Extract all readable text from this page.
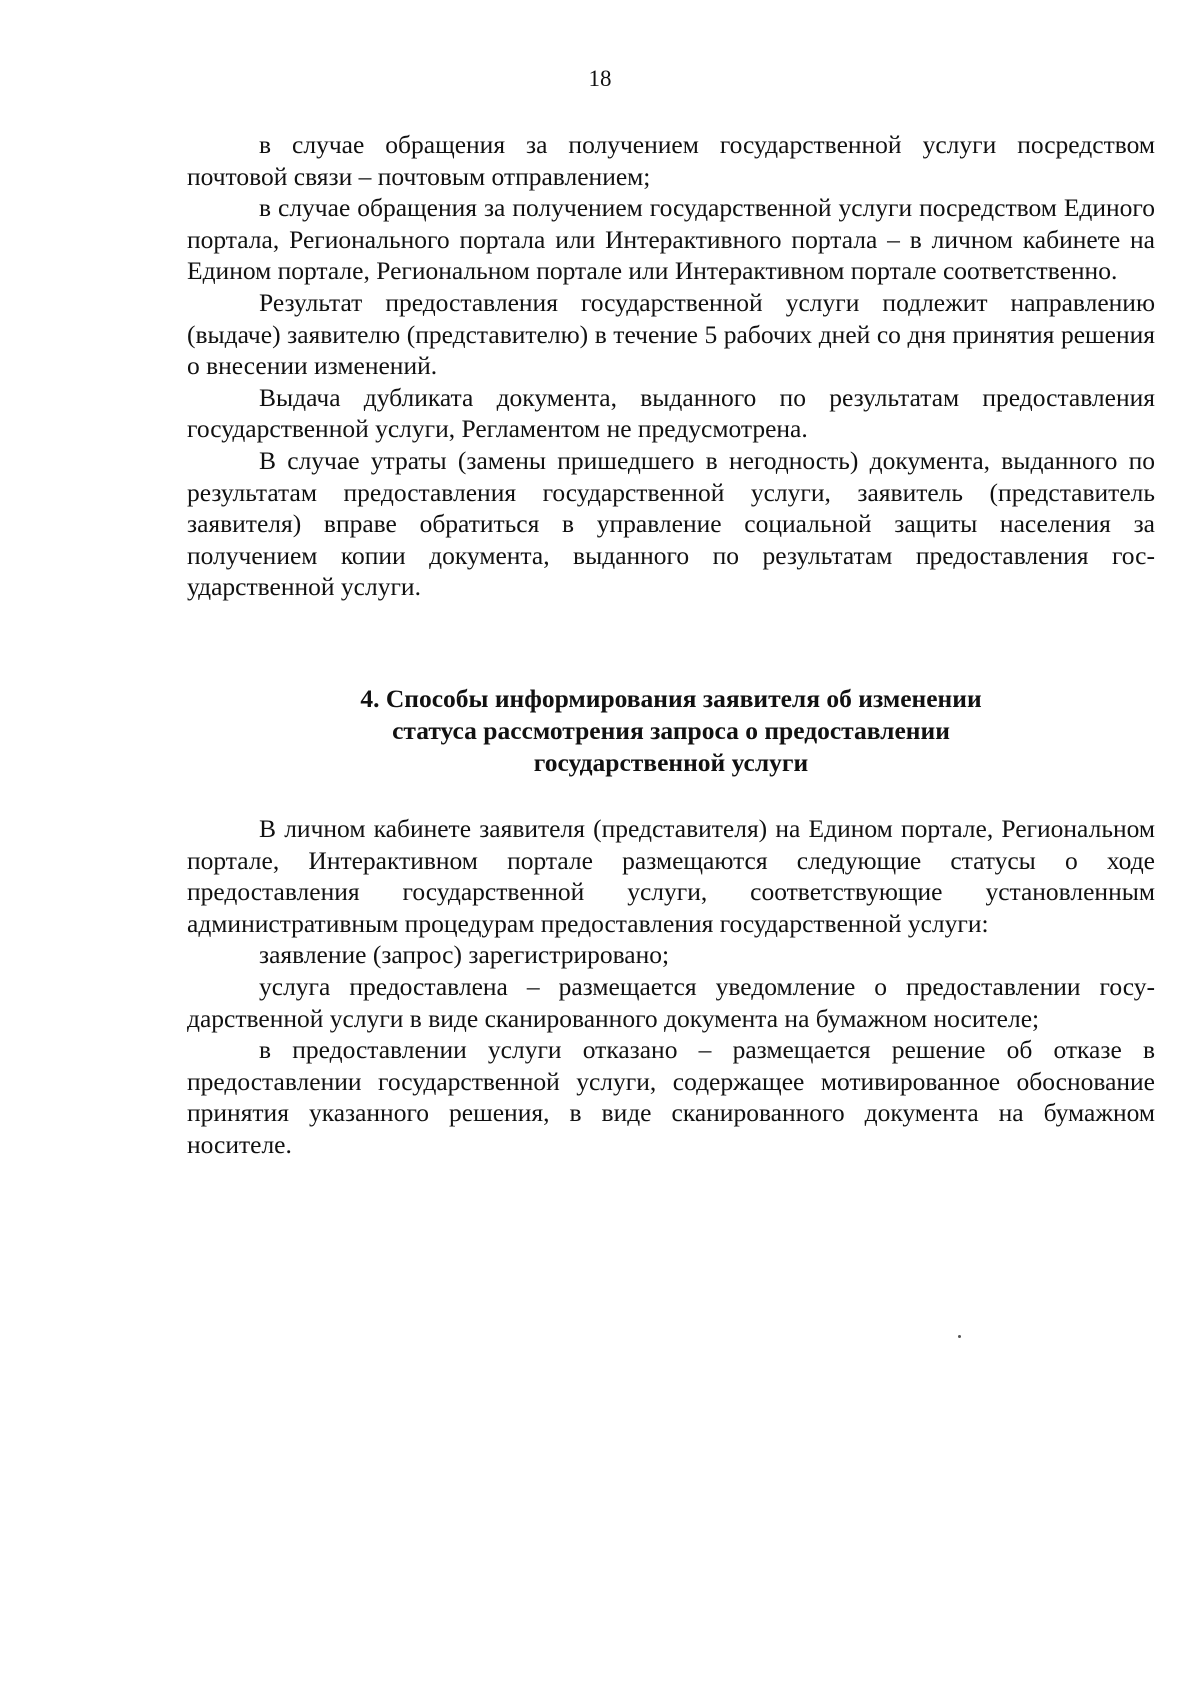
18

в случае обращения за получением государственной услуги посредством почтовой связи – почтовым отправлением;

в случае обращения за получением государственной услуги посредством Единого портала, Регионального портала или Интерактивного портала – в личном кабинете на Едином портале, Региональном портале или Интерактивном портале соответственно.

Результат предоставления государственной услуги подлежит направлению (выдаче) заявителю (представителю) в течение 5 рабочих дней со дня принятия решения о внесении изменений.

Выдача дубликата документа, выданного по результатам предоставления государственной услуги, Регламентом не предусмотрена.

В случае утраты (замены пришедшего в негодность) документа, выданного по результатам предоставления государственной услуги, заявитель (представитель заявителя) вправе обратиться в управление социальной защиты населения за получением копии документа, выданного по результатам предоставления государственной услуги.

4. Способы информирования заявителя об изменении
статуса рассмотрения запроса о предоставлении
государственной услуги

В личном кабинете заявителя (представителя) на Едином портале, Региональном портале, Интерактивном портале размещаются следующие статусы о ходе предоставления государственной услуги, соответствующие установленным административным процедурам предоставления государственной услуги:

заявление (запрос) зарегистрировано;

услуга предоставлена – размещается уведомление о предоставлении государственной услуги в виде сканированного документа на бумажном носителе;

в предоставлении услуги отказано – размещается решение об отказе в предоставлении государственной услуги, содержащее мотивированное обоснование принятия указанного решения, в виде сканированного документа на бумажном носителе.
